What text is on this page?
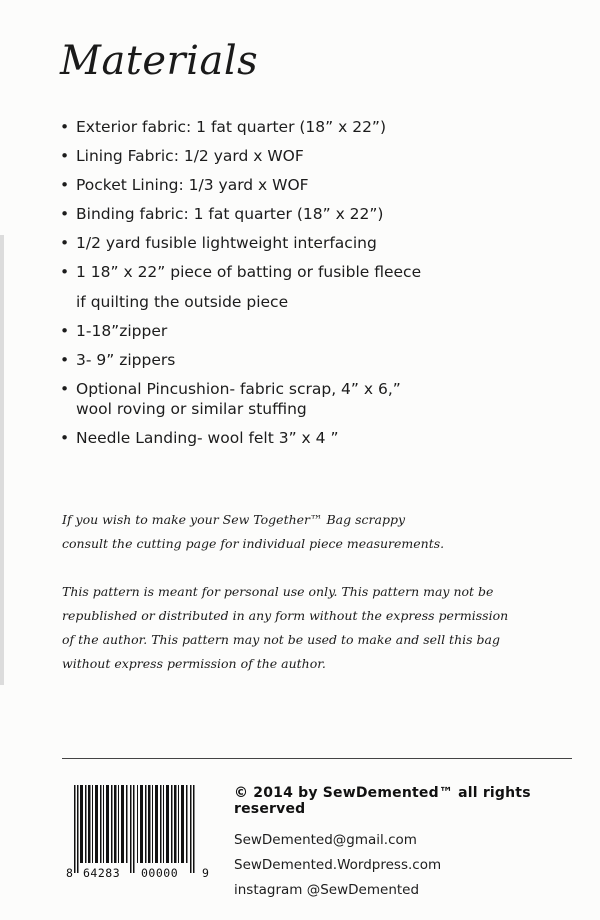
Materials
• Exterior fabric: 1 fat quarter (18” x 22”)
• Lining Fabric: 1/2 yard x WOF
• Pocket Lining: 1/3 yard x WOF
• Binding fabric: 1 fat quarter (18” x 22”)
• 1/2 yard fusible lightweight interfacing
• 1 18” x 22” piece of batting or fusible fleece
if quilting the outside piece
• 1-18”zipper
• 3- 9” zippers
• Optional Pincushion- fabric scrap, 4” x 6,”
wool roving or similar stuffing
• Needle Landing- wool felt 3” x 4 ”
If you wish to make your Sew Together™ Bag scrappy
consult the cutting page for individual piece measurements.
This pattern is meant for personal use only. This pattern may not be
republished or distributed in any form without the express permission
of the author. This pattern may not be used to make and sell this bag
without express permission of the author.
8 64283 00000 9
© 2014 by SewDemented™ all rights reserved
SewDemented@gmail.com
SewDemented.Wordpress.com
instagram @SewDemented
